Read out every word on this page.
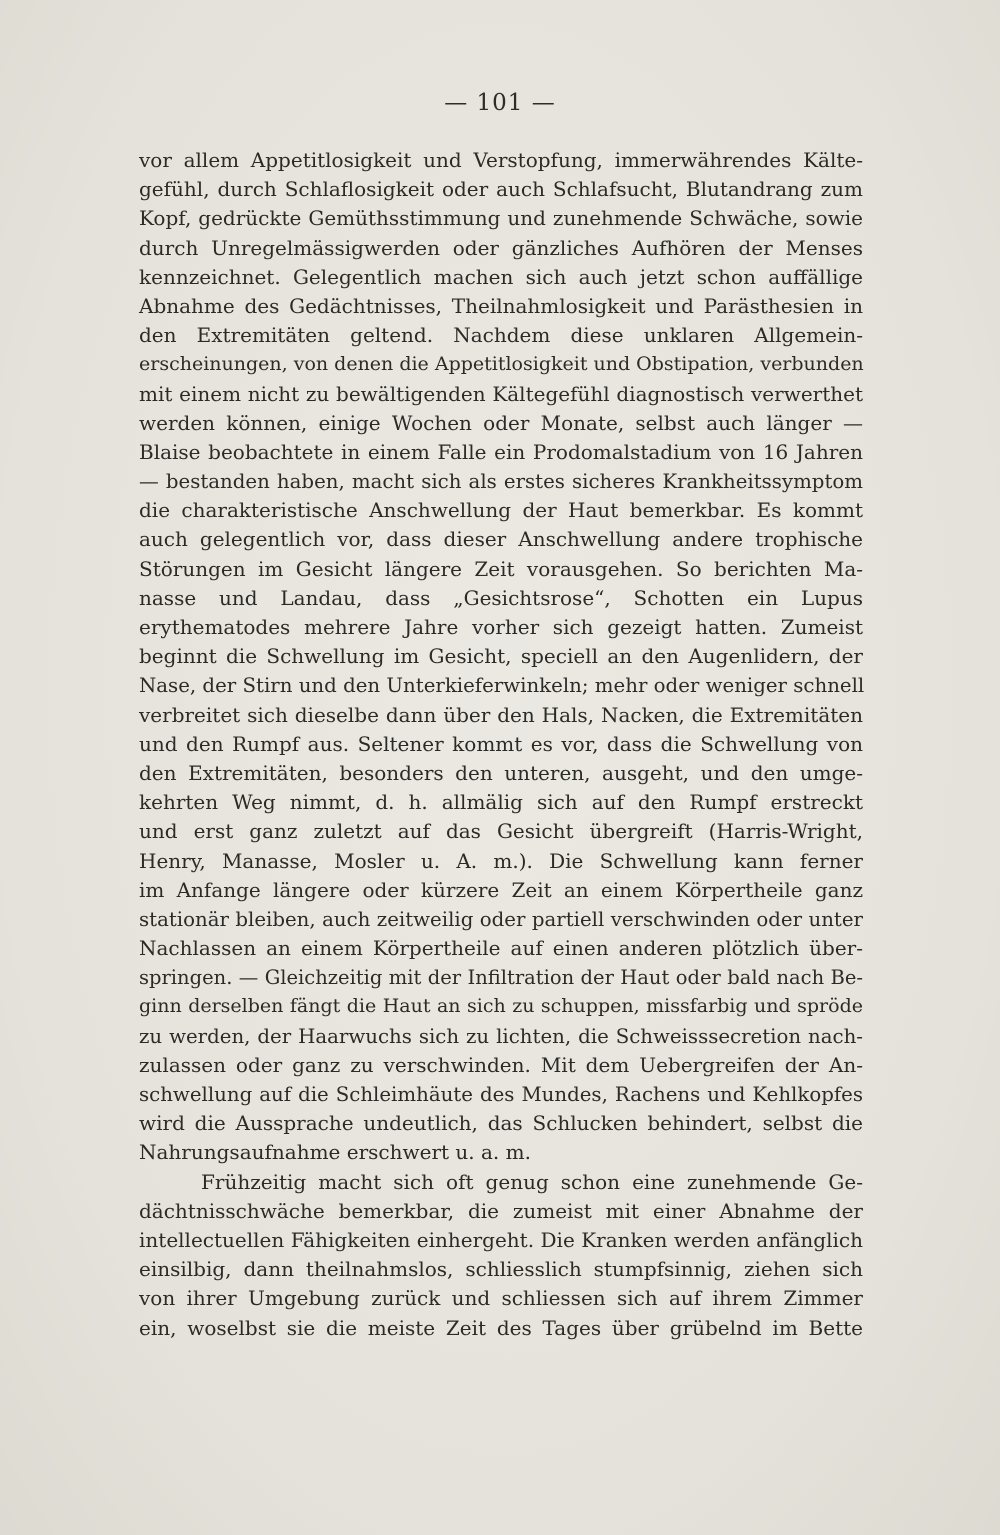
— 101 —
vor allem Appetitlosigkeit und Verstopfung, immerwährendes Kälte-
gefühl, durch Schlaflosigkeit oder auch Schlafsucht, Blutandrang zum
Kopf, gedrückte Gemüthsstimmung und zunehmende Schwäche, sowie
durch Unregelmässigwerden oder gänzliches Aufhören der Menses
kennzeichnet. Gelegentlich machen sich auch jetzt schon auffällige
Abnahme des Gedächtnisses, Theilnahmlosigkeit und Parästhesien in
den Extremitäten geltend. Nachdem diese unklaren Allgemein-
erscheinungen, von denen die Appetitlosigkeit und Obstipation, verbunden
mit einem nicht zu bewältigenden Kältegefühl diagnostisch verwerthet
werden können, einige Wochen oder Monate, selbst auch länger —
Blaise beobachtete in einem Falle ein Prodomalstadium von 16 Jahren
— bestanden haben, macht sich als erstes sicheres Krankheitssymptom
die charakteristische Anschwellung der Haut bemerkbar. Es kommt
auch gelegentlich vor, dass dieser Anschwellung andere trophische
Störungen im Gesicht längere Zeit vorausgehen. So berichten Ma-
nasse und Landau, dass „Gesichtsrose“, Schotten ein Lupus
erythematodes mehrere Jahre vorher sich gezeigt hatten. Zumeist
beginnt die Schwellung im Gesicht, speciell an den Augenlidern, der
Nase, der Stirn und den Unterkieferwinkeln; mehr oder weniger schnell
verbreitet sich dieselbe dann über den Hals, Nacken, die Extremitäten
und den Rumpf aus. Seltener kommt es vor, dass die Schwellung von
den Extremitäten, besonders den unteren, ausgeht, und den umge-
kehrten Weg nimmt, d. h. allmälig sich auf den Rumpf erstreckt
und erst ganz zuletzt auf das Gesicht übergreift (Harris-Wright,
Henry, Manasse, Mosler u. A. m.). Die Schwellung kann ferner
im Anfange längere oder kürzere Zeit an einem Körpertheile ganz
stationär bleiben, auch zeitweilig oder partiell verschwinden oder unter
Nachlassen an einem Körpertheile auf einen anderen plötzlich über-
springen. — Gleichzeitig mit der Infiltration der Haut oder bald nach Be-
ginn derselben fängt die Haut an sich zu schuppen, missfarbig und spröde
zu werden, der Haarwuchs sich zu lichten, die Schweisssecretion nach-
zulassen oder ganz zu verschwinden. Mit dem Uebergreifen der An-
schwellung auf die Schleimhäute des Mundes, Rachens und Kehlkopfes
wird die Aussprache undeutlich, das Schlucken behindert, selbst die
Nahrungsaufnahme erschwert u. a. m.
Frühzeitig macht sich oft genug schon eine zunehmende Ge-
dächtnisschwäche bemerkbar, die zumeist mit einer Abnahme der
intellectuellen Fähigkeiten einhergeht. Die Kranken werden anfänglich
einsilbig, dann theilnahmslos, schliesslich stumpfsinnig, ziehen sich
von ihrer Umgebung zurück und schliessen sich auf ihrem Zimmer
ein, woselbst sie die meiste Zeit des Tages über grübelnd im Bette
